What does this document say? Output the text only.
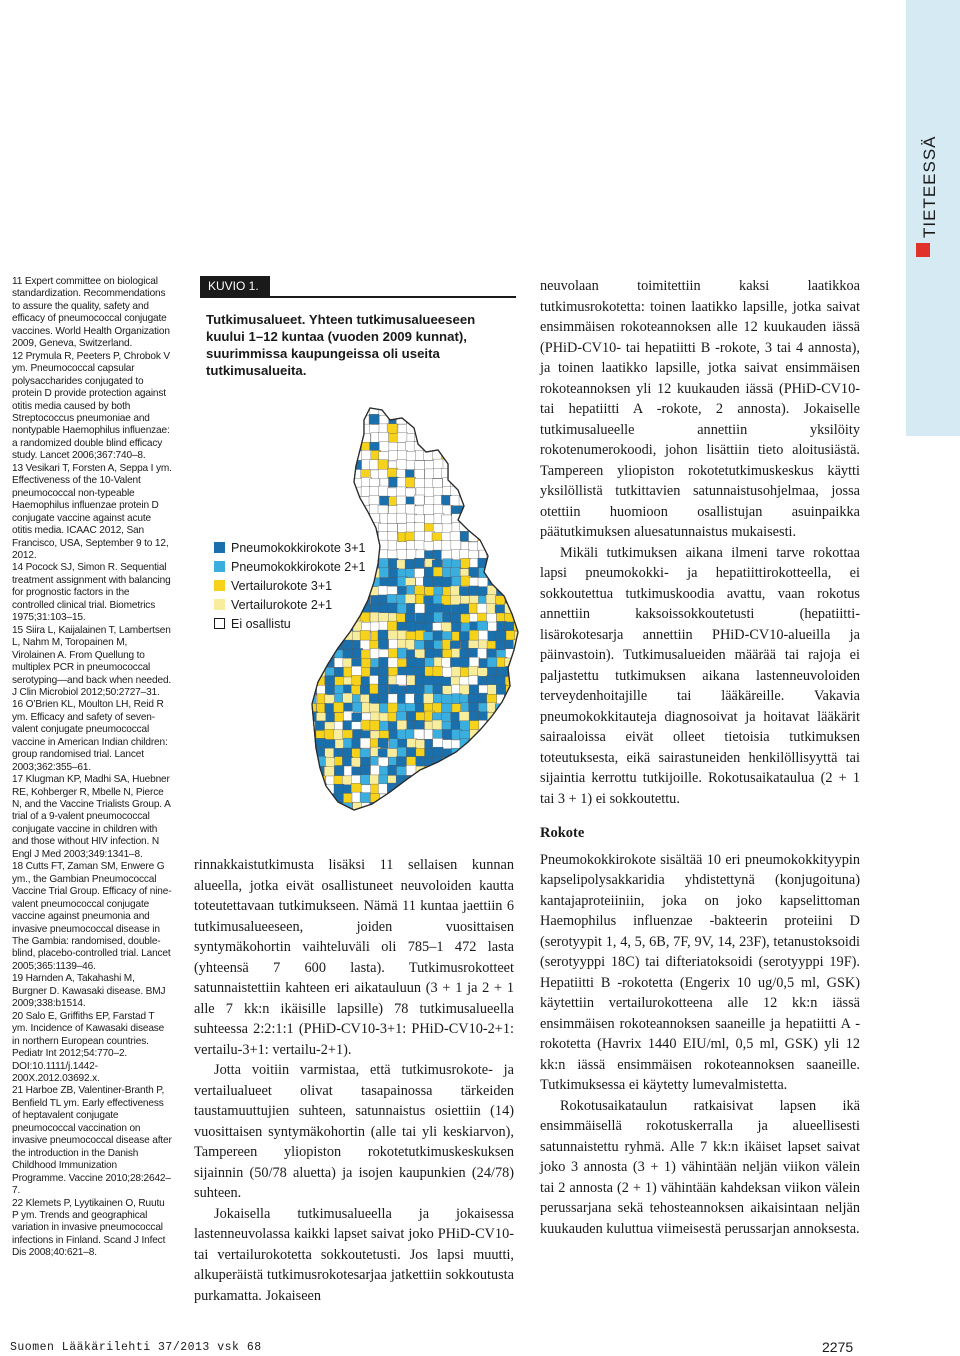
TIETEESSÄ

11 Expert committee on biological standardization. Recommendations to assure the quality, safety and efficacy of pneumococcal conjugate vaccines. World Health Organization 2009, Geneva, Switzerland.

12 Prymula R, Peeters P, Chrobok V ym. Pneumococcal capsular polysaccharides conjugated to protein D provide protection against otitis media caused by both Streptococcus pneumoniae and nontypable Haemophilus influenzae: a randomized double blind efficacy study. Lancet 2006;367:740–8.

13 Vesikari T, Forsten A, Seppa I ym. Effectiveness of the 10-Valent pneumococcal non-typeable Haemophilus influenzae protein D conjugate vaccine against acute otitis media. ICAAC 2012, San Francisco, USA, September 9 to 12, 2012.

14 Pocock SJ, Simon R. Sequential treatment assignment with balancing for prognostic factors in the controlled clinical trial. Biometrics 1975;31:103–15.

15 Siira L, Kaijalainen T, Lambertsen L, Nahm M, Toropainen M, Virolainen A. From Quellung to multiplex PCR in pneumococcal serotyping—and back when needed. J Clin Microbiol 2012;50:2727–31.

16 O’Brien KL, Moulton LH, Reid R ym. Efficacy and safety of seven-valent conjugate pneumococcal vaccine in American Indian children: group randomised trial. Lancet 2003;362:355–61.

17 Klugman KP, Madhi SA, Huebner RE, Kohberger R, Mbelle N, Pierce N, and the Vaccine Trialists Group. A trial of a 9-valent pneumococcal conjugate vaccine in children with and those without HIV infection. N Engl J Med 2003;349:1341–8.

18 Cutts FT, Zaman SM, Enwere G ym., the Gambian Pneumococcal Vaccine Trial Group. Efficacy of nine-valent pneumococcal conjugate vaccine against pneumonia and invasive pneumococcal disease in The Gambia: randomised, double-blind, placebo-controlled trial. Lancet 2005;365:1139–46.

19 Harnden A, Takahashi M, Burgner D. Kawasaki disease. BMJ 2009;338:b1514.

20 Salo E, Griffiths EP, Farstad T ym. Incidence of Kawasaki disease in northern European countries. Pediatr Int 2012;54:770–2. DOI:10.1111/j.1442-200X.2012.03692.x.

21 Harboe ZB, Valentiner-Branth P, Benfield TL ym. Early effectiveness of heptavalent conjugate pneumococcal vaccination on invasive pneumococcal disease after the introduction in the Danish Childhood Immunization Programme. Vaccine 2010;28:2642–7.

22 Klemets P, Lyytikainen O, Ruutu P ym. Trends and geographical variation in invasive pneumococcal infections in Finland. Scand J Infect Dis 2008;40:621–8.

KUVIO 1.
Tutkimusalueet. Yhteen tutkimusalueeseen kuului 1–12 kuntaa (vuoden 2009 kunnat), suurimmissa kaupungeissa oli useita tutkimusalueita.
Pneumokokkirokote 3+1
Pneumokokkirokote 2+1
Vertailurokote 3+1
Vertailurokote 2+1
Ei osallistu

rinnakkaistutkimusta lisäksi 11 sellaisen kunnan alueella, jotka eivät osallistuneet neuvoloiden kautta toteutettavaan tutkimukseen. Nämä 11 kuntaa jaettiin 6 tutkimusalueeseen, joiden vuosittaisen syntymäkohortin vaihteluväli oli 785–1 472 lasta (yhteensä 7 600 lasta). Tutkimusrokotteet satunnaistettiin kahteen eri aikatauluun (3 + 1 ja 2 + 1 alle 7 kk:n ikäisille lapsille) 78 tutkimusalueella suhteessa 2:2:1:1 (PHiD-CV10-3+1: PHiD-CV10-2+1: vertailu-3+1: vertailu-2+1).

Jotta voitiin varmistaa, että tutkimusrokote- ja vertailualueet olivat tasapainossa tärkeiden taustamuuttujien suhteen, satunnaistus osiettiin (14) vuosittaisen syntymäkohortin (alle tai yli keskiarvon), Tampereen yliopiston rokotetutkimuskeskuksen sijainnin (50/78 aluetta) ja isojen kaupunkien (24/78) suhteen.

Jokaisella tutkimusalueella ja jokaisessa lastenneuvolassa kaikki lapset saivat joko PHiD-CV10- tai vertailurokotetta sokkoutetusti. Jos lapsi muutti, alkuperäistä tutkimusrokotesarjaa jatkettiin sokkoutusta purkamatta. Jokaiseen

neuvolaan toimitettiin kaksi laatikkoa tutkimusrokotetta: toinen laatikko lapsille, jotka saivat ensimmäisen rokoteannoksen alle 12 kuukauden iässä (PHiD-CV10- tai hepatiitti B -rokote, 3 tai 4 annosta), ja toinen laatikko lapsille, jotka saivat ensimmäisen rokoteannoksen yli 12 kuukauden iässä (PHiD-CV10- tai hepatiitti A -rokote, 2 annosta). Jokaiselle tutkimusalueelle annettiin yksilöity rokotenumerokoodi, johon lisättiin tieto aloitusiästä. Tampereen yliopiston rokotetutkimuskeskus käytti yksilöllistä tutkittavien satunnaistusohjelmaa, jossa otettiin huomioon osallistujan asuinpaikka päätutkimuksen aluesatunnaistus mukaisesti.

Mikäli tutkimuksen aikana ilmeni tarve rokottaa lapsi pneumokokki- ja hepatiittirokotteella, ei sokkoutettua tutkimuskoodia avattu, vaan rokotus annettiin kaksoissokkoutetusti (hepatiitti-lisärokotesarja annettiin PHiD-CV10-alueilla ja päinvastoin). Tutkimusalueiden määrää tai rajoja ei paljastettu tutkimuksen aikana lastenneuvoloiden terveydenhoitajille tai lääkäreille. Vakavia pneumokokkitauteja diagnosoivat ja hoitavat lääkärit sairaaloissa eivät olleet tietoisia tutkimuksen toteutuksesta, eikä sairastuneiden henkilöllisyyttä tai sijaintia kerrottu tutkijoille. Rokotusaikataulua (2 + 1 tai 3 + 1) ei sokkoutettu.

Rokote

Pneumokokkirokote sisältää 10 eri pneumokokkityypin kapselipolysakkaridia yhdistettynä (konjugoituna) kantajaproteiiniin, joka on joko kapselittoman Haemophilus influenzae -bakteerin proteiini D (serotyypit 1, 4, 5, 6B, 7F, 9V, 14, 23F), tetanustoksoidi (serotyyppi 18C) tai difteriatoksoidi (serotyyppi 19F). Hepatiitti B -rokotetta (Engerix 10 ug/0,5 ml, GSK) käytettiin vertailurokotteena alle 12 kk:n iässä ensimmäisen rokoteannoksen saaneille ja hepatiitti A -rokotetta (Havrix 1440 EIU/ml, 0,5 ml, GSK) yli 12 kk:n iässä ensimmäisen rokoteannoksen saaneille. Tutkimuksessa ei käytetty lumevalmistetta.

Rokotusaikataulun ratkaisivat lapsen ikä ensimmäisellä rokotuskerralla ja alueellisesti satunnaistettu ryhmä. Alle 7 kk:n ikäiset lapset saivat joko 3 annosta (3 + 1) vähintään neljän viikon välein tai 2 annosta (2 + 1) vähintään kahdeksan viikon välein perussarjana sekä tehosteannoksen aikaisintaan neljän kuukauden kuluttua viimeisestä perussarjan annoksesta.

Suomen Lääkärilehti 37/2013 vsk 68	2275
